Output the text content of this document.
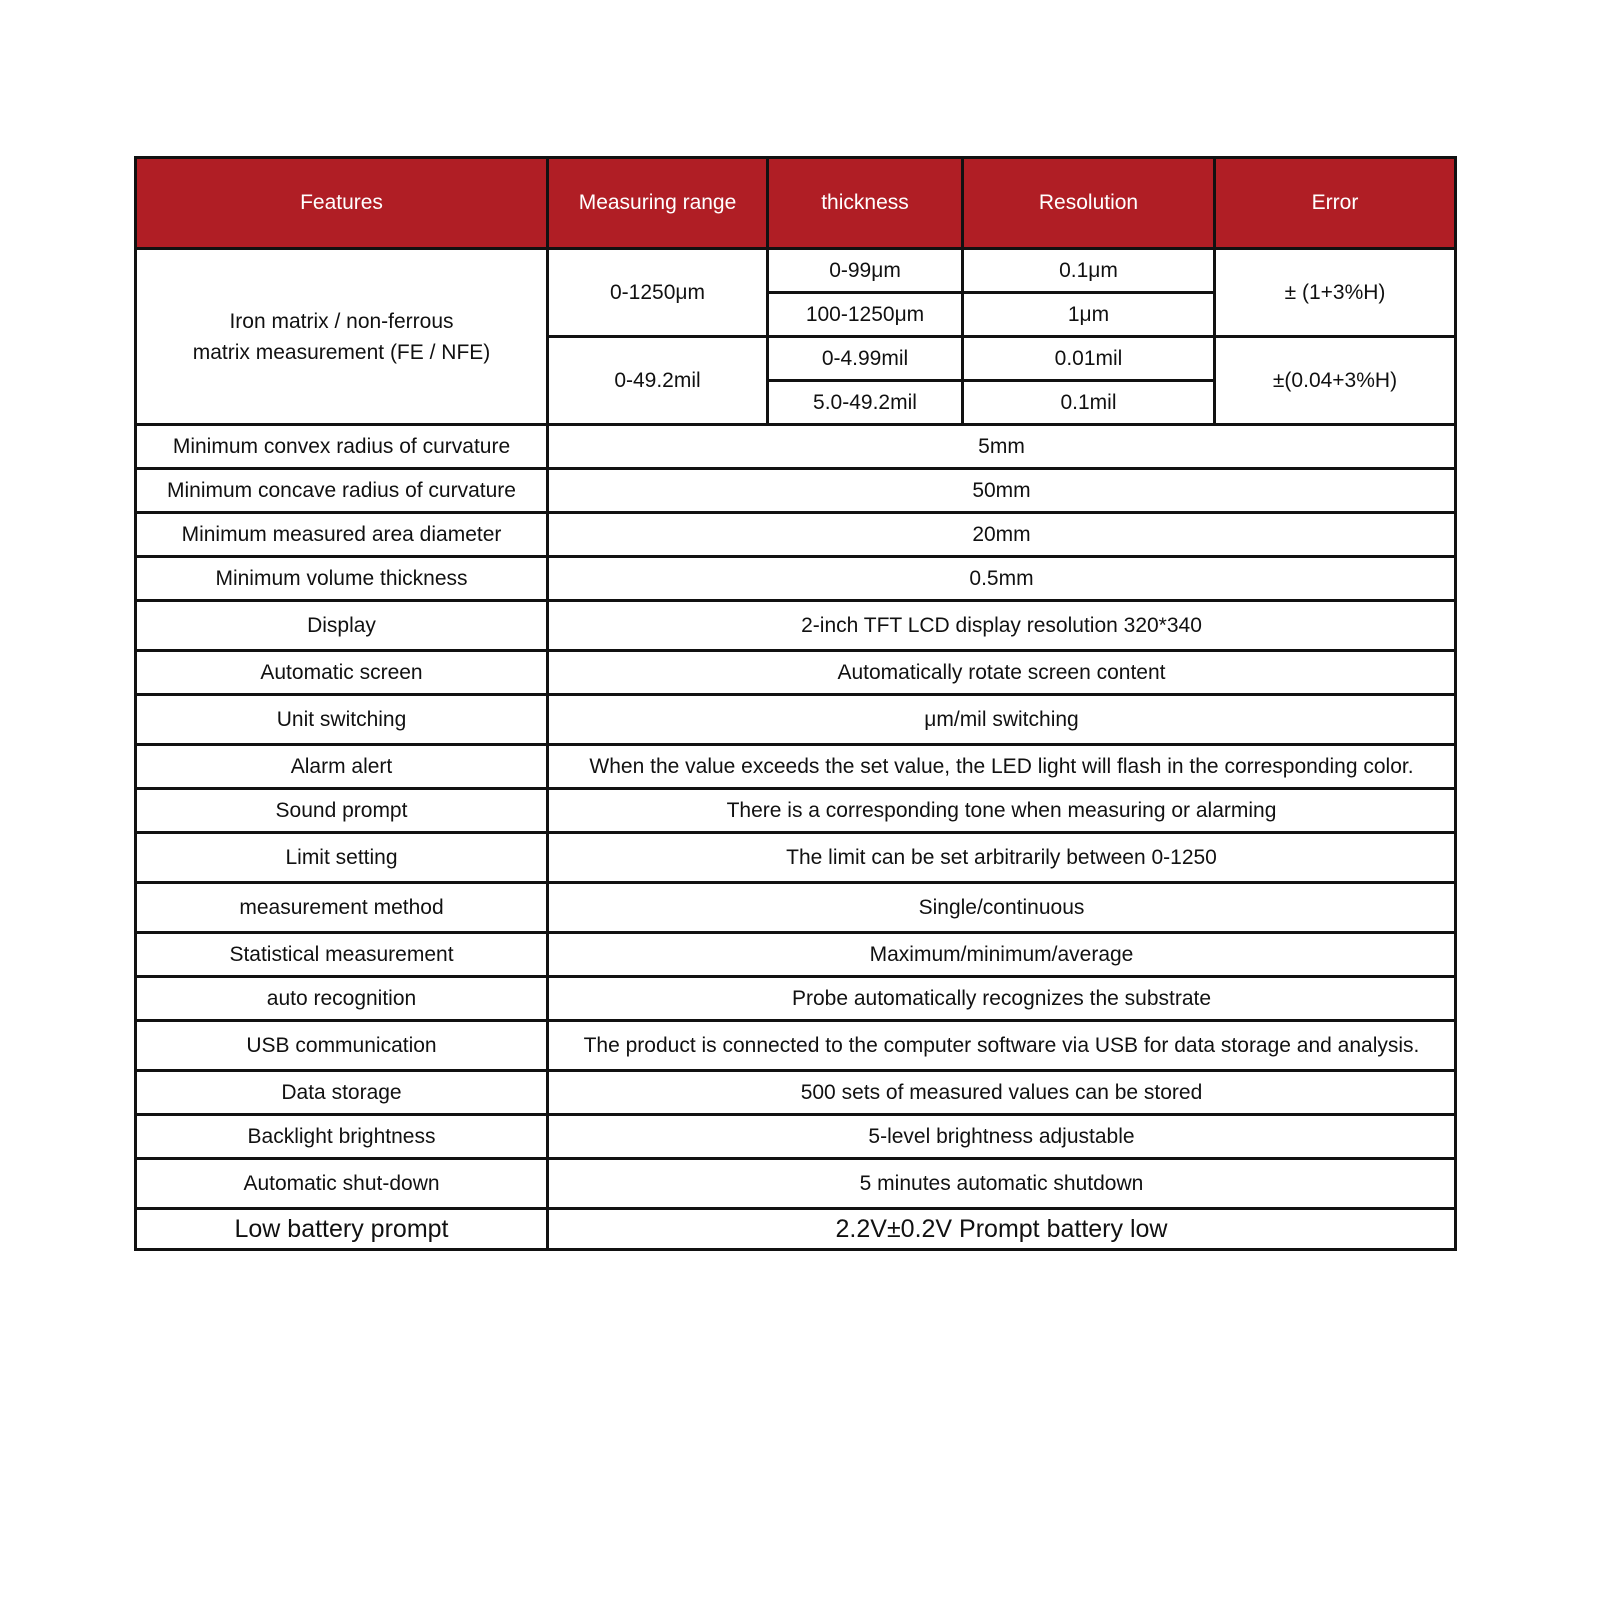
Features	Measuring range	thickness	Resolution	Error
Iron matrix / non-ferrous
matrix measurement (FE / NFE)	0-1250μm	0-99μm	0.1μm	± (1+3%H)
		100-1250μm	1μm	
	0-49.2mil	0-4.99mil	0.01mil	±(0.04+3%H)
		5.0-49.2mil	0.1mil	
Minimum convex radius of curvature	5mm			
Minimum concave radius of curvature	50mm			
Minimum measured area diameter	20mm			
Minimum volume thickness	0.5mm			
Display	2-inch TFT LCD display resolution 320*340			
Automatic screen	Automatically rotate screen content			
Unit switching	μm/mil switching			
Alarm alert	When the value exceeds the set value, the LED light will flash in the corresponding color.			
Sound prompt	There is a corresponding tone when measuring or alarming			
Limit setting	The limit can be set arbitrarily between 0-1250			
measurement method	Single/continuous			
Statistical measurement	Maximum/minimum/average			
auto recognition	Probe automatically recognizes the substrate			
USB communication	The product is connected to the computer software via USB for data storage and analysis.			
Data storage	500 sets of measured values can be stored			
Backlight brightness	5-level brightness adjustable			
Automatic shut-down	5 minutes automatic shutdown			
Low battery prompt	2.2V±0.2V Prompt battery low			
